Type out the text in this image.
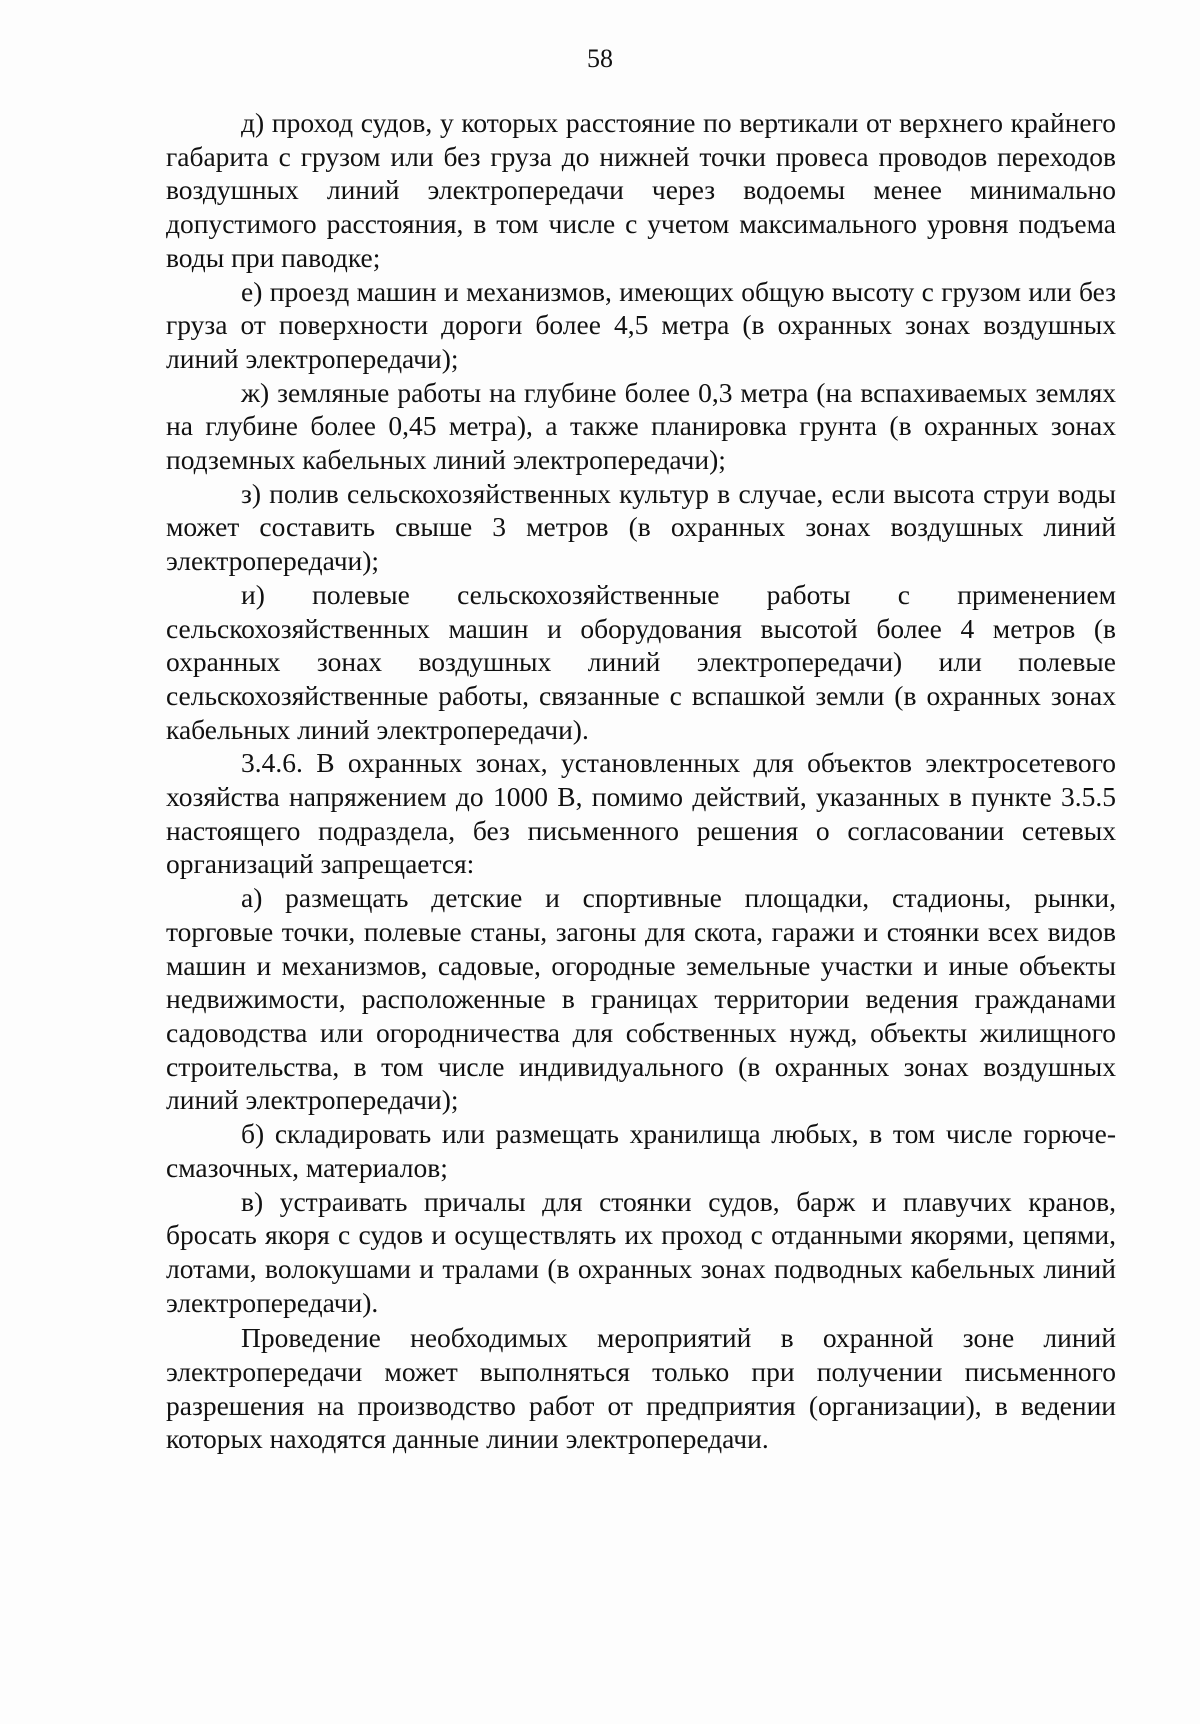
58

д) проход судов, у которых расстояние по вертикали от верхнего крайнего габарита с грузом или без груза до нижней точки провеса проводов переходов воздушных линий электропередачи через водоемы менее минимально допустимого расстояния, в том числе с учетом максимального уровня подъема воды при паводке;

е) проезд машин и механизмов, имеющих общую высоту с грузом или без груза от поверхности дороги более 4,5 метра (в охранных зонах воздушных линий электропередачи);

ж) земляные работы на глубине более 0,3 метра (на вспахиваемых землях на глубине более 0,45 метра), а также планировка грунта (в охранных зонах подземных кабельных линий электропередачи);

з) полив сельскохозяйственных культур в случае, если высота струи воды может составить свыше 3 метров (в охранных зонах воздушных линий электропередачи);

и) полевые сельскохозяйственные работы с применением сельскохозяйственных машин и оборудования высотой более 4 метров (в охранных зонах воздушных линий электропередачи) или полевые сельскохозяйственные работы, связанные с вспашкой земли (в охранных зонах кабельных линий электропередачи).

3.4.6. В охранных зонах, установленных для объектов электросетевого хозяйства напряжением до 1000 В, помимо действий, указанных в пункте 3.5.5 настоящего подраздела, без письменного решения о согласовании сетевых организаций запрещается:

а) размещать детские и спортивные площадки, стадионы, рынки, торговые точки, полевые станы, загоны для скота, гаражи и стоянки всех видов машин и механизмов, садовые, огородные земельные участки и иные объекты недвижимости, расположенные в границах территории ведения гражданами садоводства или огородничества для собственных нужд, объекты жилищного строительства, в том числе индивидуального (в охранных зонах воздушных линий электропередачи);

б) складировать или размещать хранилища любых, в том числе горюче-смазочных, материалов;

в) устраивать причалы для стоянки судов, барж и плавучих кранов, бросать якоря с судов и осуществлять их проход с отданными якорями, цепями, лотами, волокушами и тралами (в охранных зонах подводных кабельных линий электропередачи).

Проведение необходимых мероприятий в охранной зоне линий электропередачи может выполняться только при получении письменного разрешения на производство работ от предприятия (организации), в ведении которых находятся данные линии электропередачи.
